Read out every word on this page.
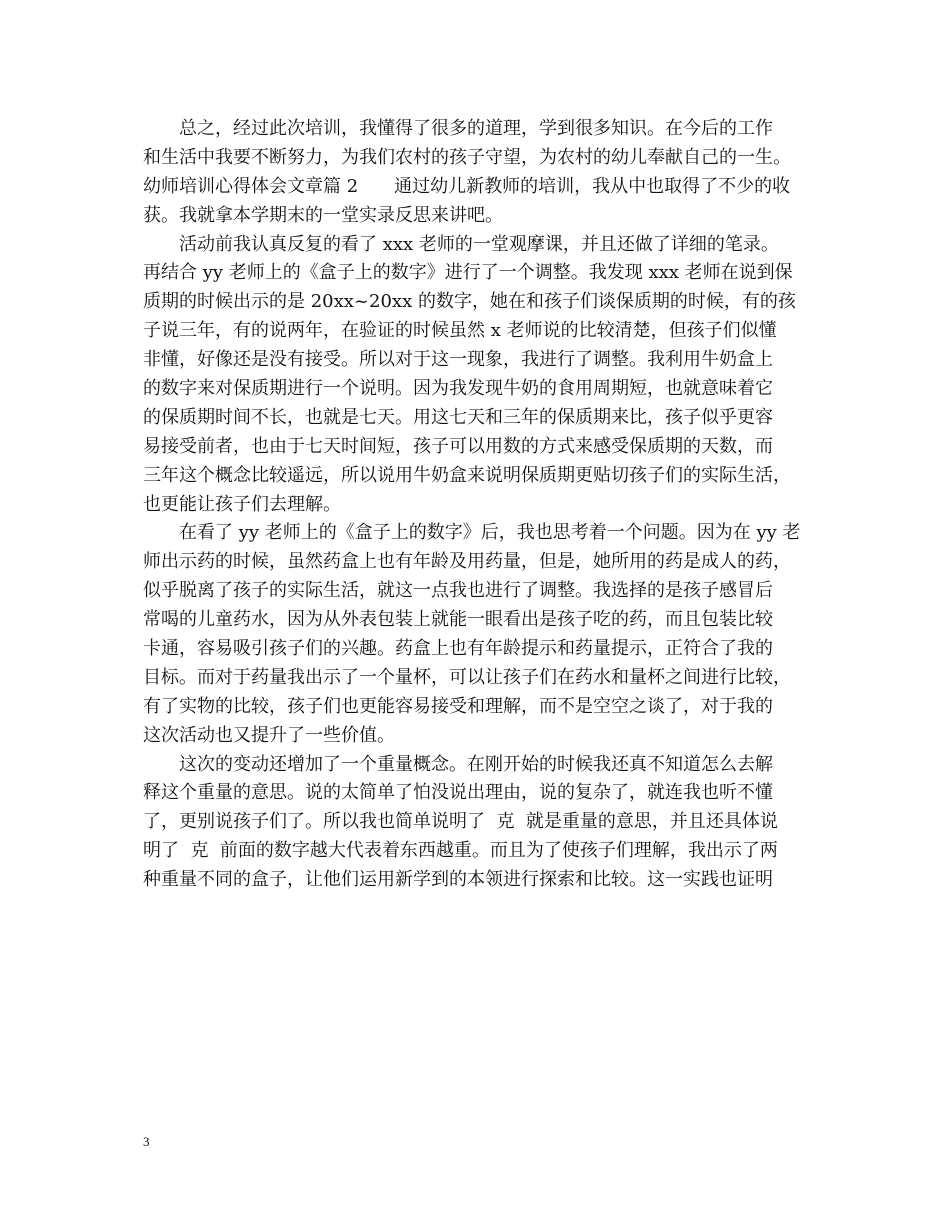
　　总之，经过此次培训，我懂得了很多的道理，学到很多知识。在今后的工作
和生活中我要不断努力，为我们农村的孩子守望，为农村的幼儿奉献自己的一生。
幼师培训心得体会文章篇 2　　通过幼儿新教师的培训，我从中也取得了不少的收
获。我就拿本学期末的一堂实录反思来讲吧。
　　活动前我认真反复的看了 xxx 老师的一堂观摩课，并且还做了详细的笔录。
再结合 yy 老师上的《盒子上的数字》进行了一个调整。我发现 xxx 老师在说到保
质期的时候出示的是 20xx~20xx 的数字，她在和孩子们谈保质期的时候，有的孩
子说三年，有的说两年，在验证的时候虽然 x 老师说的比较清楚，但孩子们似懂
非懂，好像还是没有接受。所以对于这一现象，我进行了调整。我利用牛奶盒上
的数字来对保质期进行一个说明。因为我发现牛奶的食用周期短，也就意味着它
的保质期时间不长，也就是七天。用这七天和三年的保质期来比，孩子似乎更容
易接受前者，也由于七天时间短，孩子可以用数的方式来感受保质期的天数，而
三年这个概念比较遥远，所以说用牛奶盒来说明保质期更贴切孩子们的实际生活，
也更能让孩子们去理解。
　　在看了 yy 老师上的《盒子上的数字》后，我也思考着一个问题。因为在 yy 老
师出示药的时候，虽然药盒上也有年龄及用药量，但是，她所用的药是成人的药，
似乎脱离了孩子的实际生活，就这一点我也进行了调整。我选择的是孩子感冒后
常喝的儿童药水，因为从外表包装上就能一眼看出是孩子吃的药，而且包装比较
卡通，容易吸引孩子们的兴趣。药盒上也有年龄提示和药量提示，正符合了我的
目标。而对于药量我出示了一个量杯，可以让孩子们在药水和量杯之间进行比较，
有了实物的比较，孩子们也更能容易接受和理解，而不是空空之谈了，对于我的
这次活动也又提升了一些价值。
　　这次的变动还增加了一个重量概念。在刚开始的时候我还真不知道怎么去解
释这个重量的意思。说的太简单了怕没说出理由，说的复杂了，就连我也听不懂
了，更别说孩子们了。所以我也简单说明了  克  就是重量的意思，并且还具体说
明了  克  前面的数字越大代表着东西越重。而且为了使孩子们理解，我出示了两
种重量不同的盒子，让他们运用新学到的本领进行探索和比较。这一实践也证明
3
